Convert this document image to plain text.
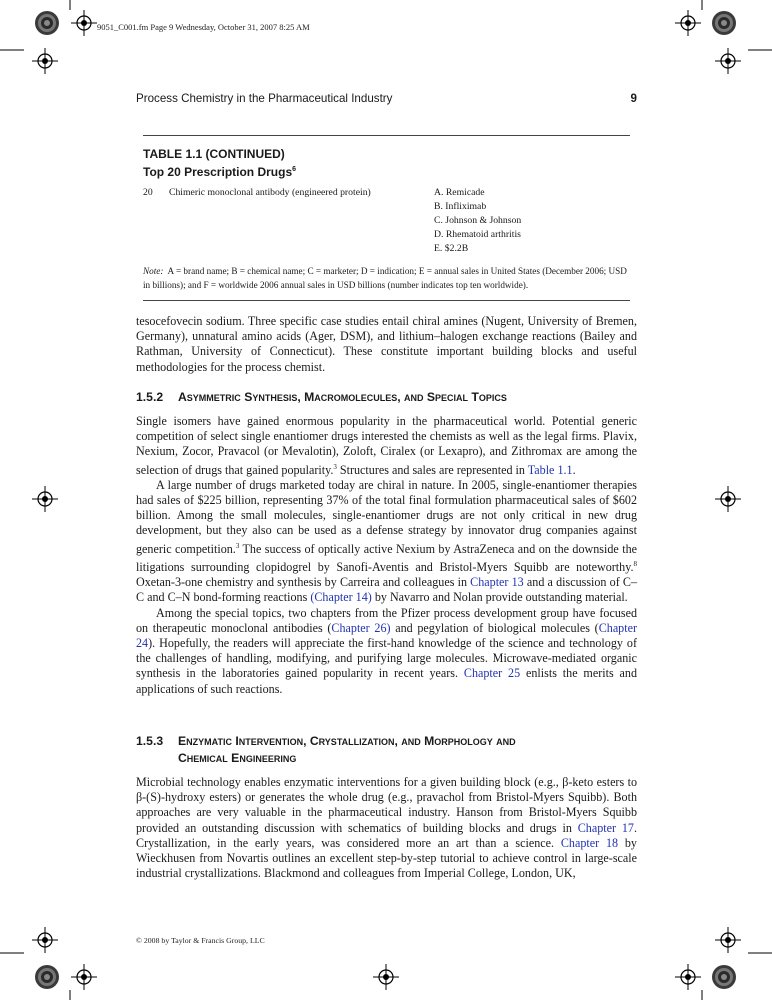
9051_C001.fm Page 9 Wednesday, October 31, 2007 8:25 AM
Process Chemistry in the Pharmaceutical Industry	9
TABLE 1.1 (CONTINUED)
Top 20 Prescription Drugs$^6$
20 Chimeric monoclonal antibody (engineered protein)	A. Remicade
B. Infliximab
C. Johnson & Johnson
D. Rhematoid arthritis
E. $2.2B
Note: A = brand name; B = chemical name; C = marketer; D = indication; E = annual sales in United States (December 2006; USD in billions); and F = worldwide 2006 annual sales in USD billions (number indicates top ten worldwide).

tesocefovecin sodium. Three specific case studies entail chiral amines (Nugent, University of Bremen, Germany), unnatural amino acids (Ager, DSM), and lithium–halogen exchange reactions (Bailey and Rathman, University of Connecticut). These constitute important building blocks and useful methodologies for the process chemist.

1.5.2 Asymmetric Synthesis, Macromolecules, and Special Topics

Single isomers have gained enormous popularity in the pharmaceutical world. Potential generic competition of select single enantiomer drugs interested the chemists as well as the legal firms. Plavix, Nexium, Zocor, Pravacol (or Mevalotin), Zoloft, Ciralex (or Lexapro), and Zithromax are among the selection of drugs that gained popularity.$^3$ Structures and sales are represented in Table 1.1.

A large number of drugs marketed today are chiral in nature. In 2005, single-enantiomer therapies had sales of $225 billion, representing 37% of the total final formulation pharmaceutical sales of $602 billion. Among the small molecules, single-enantiomer drugs are not only critical in new drug development, but they also can be used as a defense strategy by innovator drug companies against generic competition.$^3$ The success of optically active Nexium by AstraZeneca and on the downside the litigations surrounding clopidogrel by Sanofi-Aventis and Bristol-Myers Squibb are noteworthy.$^8$ Oxetan-3-one chemistry and synthesis by Carreira and colleagues in Chapter 13 and a discussion of C–C and C–N bond-forming reactions (Chapter 14) by Navarro and Nolan provide outstanding material.

Among the special topics, two chapters from the Pfizer process development group have focused on therapeutic monoclonal antibodies (Chapter 26) and pegylation of biological molecules (Chapter 24). Hopefully, the readers will appreciate the first-hand knowledge of the science and technology of the challenges of handling, modifying, and purifying large molecules. Microwave-mediated organic synthesis in the laboratories gained popularity in recent years. Chapter 25 enlists the merits and applications of such reactions.

1.5.3 Enzymatic Intervention, Crystallization, and Morphology and
Chemical Engineering

Microbial technology enables enzymatic interventions for a given building block (e.g., β-keto esters to β-(S)-hydroxy esters) or generates the whole drug (e.g., pravachol from Bristol-Myers Squibb). Both approaches are very valuable in the pharmaceutical industry. Hanson from Bristol-Myers Squibb provided an outstanding discussion with schematics of building blocks and drugs in Chapter 17. Crystallization, in the early years, was considered more an art than a science. Chapter 18 by Wieckhusen from Novartis outlines an excellent step-by-step tutorial to achieve control in large-scale industrial crystallizations. Blackmond and colleagues from Imperial College, London, UK,

© 2008 by Taylor & Francis Group, LLC
